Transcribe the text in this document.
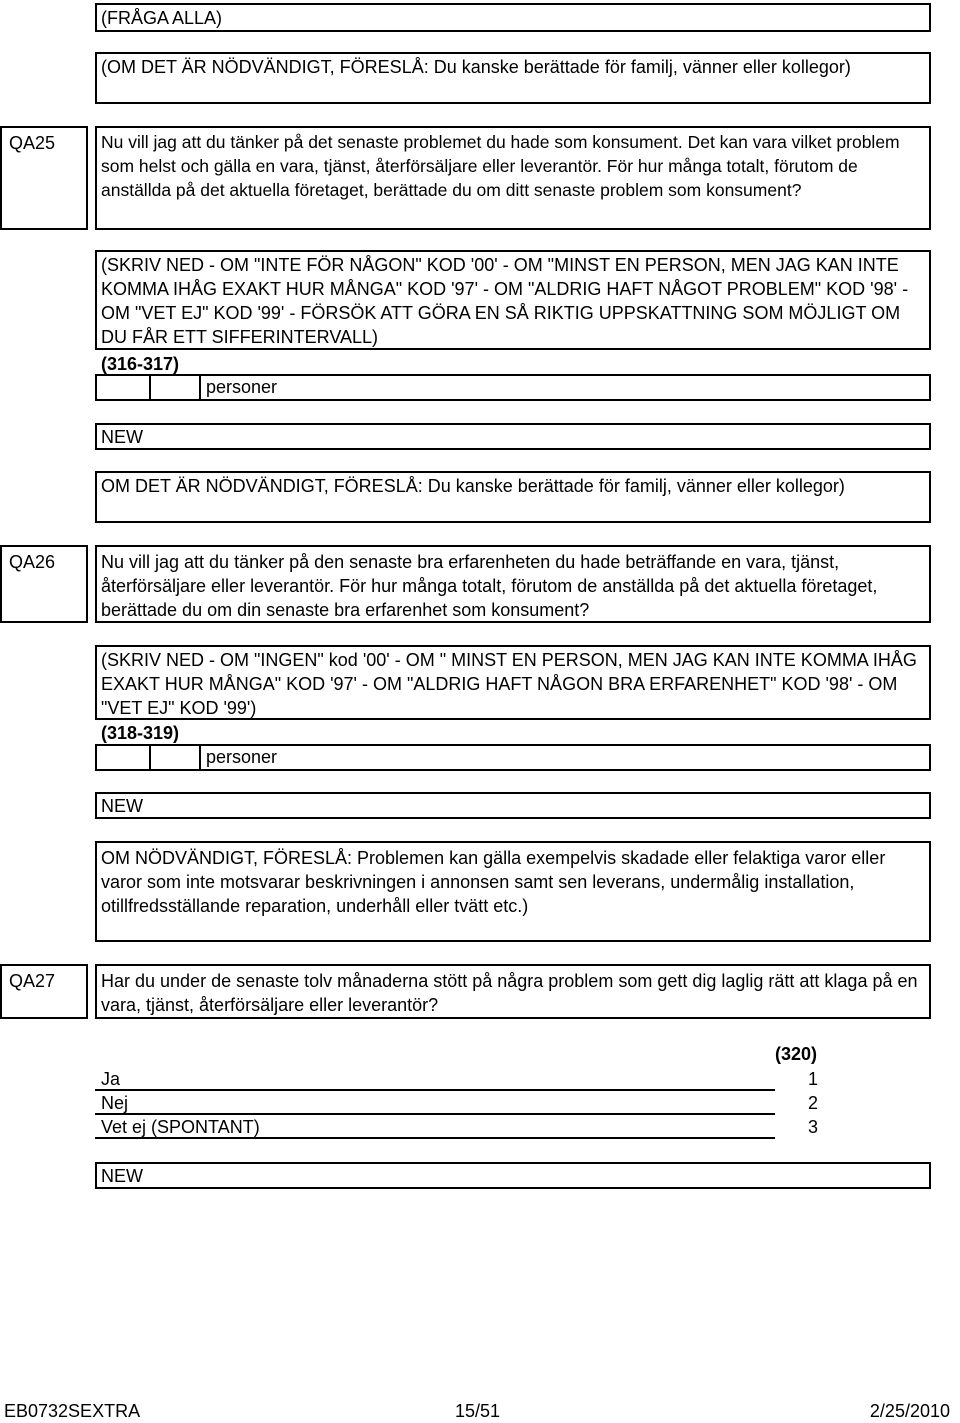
(FRÅGA ALLA)
(OM DET ÄR NÖDVÄNDIGT, FÖRESLÅ: Du kanske berättade för familj, vänner eller kollegor)
QA25	Nu vill jag att du tänker på det senaste problemet du hade som konsument. Det kan vara vilket problem som helst och gälla en vara, tjänst, återförsäljare eller leverantör. För hur många totalt, förutom de anställda på det aktuella företaget, berättade du om ditt senaste problem som konsument?
(SKRIV NED - OM "INTE FÖR NÅGON" KOD '00' - OM "MINST EN PERSON, MEN JAG KAN INTE KOMMA IHÅG EXAKT HUR MÅNGA" KOD '97' - OM "ALDRIG HAFT NÅGOT PROBLEM" KOD '98' - OM "VET EJ" KOD '99' - FÖRSÖK ATT GÖRA EN SÅ RIKTIG UPPSKATTNING SOM MÖJLIGT OM DU FÅR ETT SIFFERINTERVALL)
(316-317)
personer
NEW
OM DET ÄR NÖDVÄNDIGT, FÖRESLÅ: Du kanske berättade för familj, vänner eller kollegor)
QA26	Nu vill jag att du tänker på den senaste bra erfarenheten du hade beträffande en vara, tjänst, återförsäljare eller leverantör. För hur många totalt, förutom de anställda på det aktuella företaget, berättade du om din senaste bra erfarenhet som konsument?
(SKRIV NED - OM "INGEN" kod '00' - OM " MINST EN PERSON, MEN JAG KAN INTE KOMMA IHÅG EXAKT HUR MÅNGA" KOD '97' - OM "ALDRIG HAFT NÅGON BRA ERFARENHET" KOD '98' - OM "VET EJ" KOD '99')
(318-319)
personer
NEW
OM NÖDVÄNDIGT, FÖRESLÅ: Problemen kan gälla exempelvis skadade eller felaktiga varor eller varor som inte motsvarar beskrivningen i annonsen samt sen leverans, undermålig installation, otillfredsställande reparation, underhåll eller tvätt etc.)
QA27	Har du under de senaste tolv månaderna stött på några problem som gett dig laglig rätt att klaga på en vara, tjänst, återförsäljare eller leverantör?
(320)
Ja	1
Nej	2
Vet ej (SPONTANT)	3
NEW
EB0732SEXTRA	15/51	2/25/2010
